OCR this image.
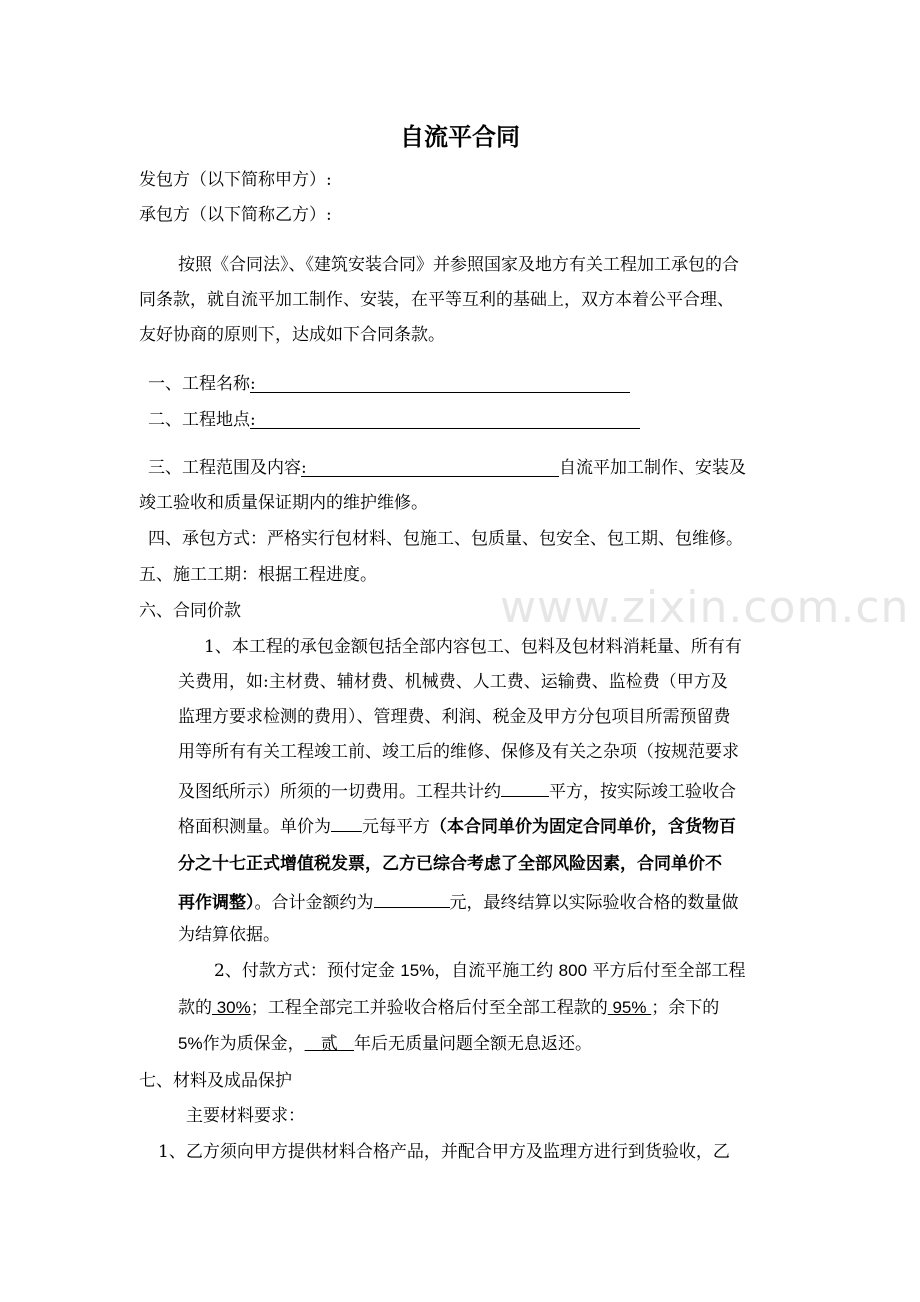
www.zixin.com.cn
自流平合同
发包方（以下简称甲方）:
承包方（以下简称乙方）:
按照《合同法》、《建筑安装合同》并参照国家及地方有关工程加工承包的合
同条款，就自流平加工制作、安装，在平等互利的基础上，双方本着公平合理、
友好协商的原则下，达成如下合同条款。
一、工程名称:
二、工程地点:
三、工程范围及内容:	自流平加工制作、安装及
竣工验收和质量保证期内的维护维修。
四、承包方式：严格实行包材料、包施工、包质量、包安全、包工期、包维修。
五、施工工期：根据工程进度。
六、合同价款
1、本工程的承包金额包括全部内容包工、包料及包材料消耗量、所有有
关费用，如:主材费、辅材费、机械费、人工费、运输费、监检费（甲方及
监理方要求检测的费用）、管理费、利润、税金及甲方分包项目所需预留费
用等所有有关工程竣工前、竣工后的维修、保修及有关之杂项（按规范要求
及图纸所示）所须的一切费用。工程共计约	平方，按实际竣工验收合
格面积测量。单价为 元每平方（本合同单价为固定合同单价，含货物百
分之十七正式增值税发票，乙方已综合考虑了全部风险因素，合同单价不
再作调整）。合计金额约为	元，最终结算以实际验收合格的数量做
为结算依据。
2、付款方式：预付定金 15%，自流平施工约 800 平方后付至全部工程
款的 30%；工程全部完工并验收合格后付至全部工程款的 95% ；余下的
5%作为质保金，   贰   年后无质量问题全额无息返还。
七、材料及成品保护
主要材料要求：
1、乙方须向甲方提供材料合格产品，并配合甲方及监理方进行到货验收，乙
